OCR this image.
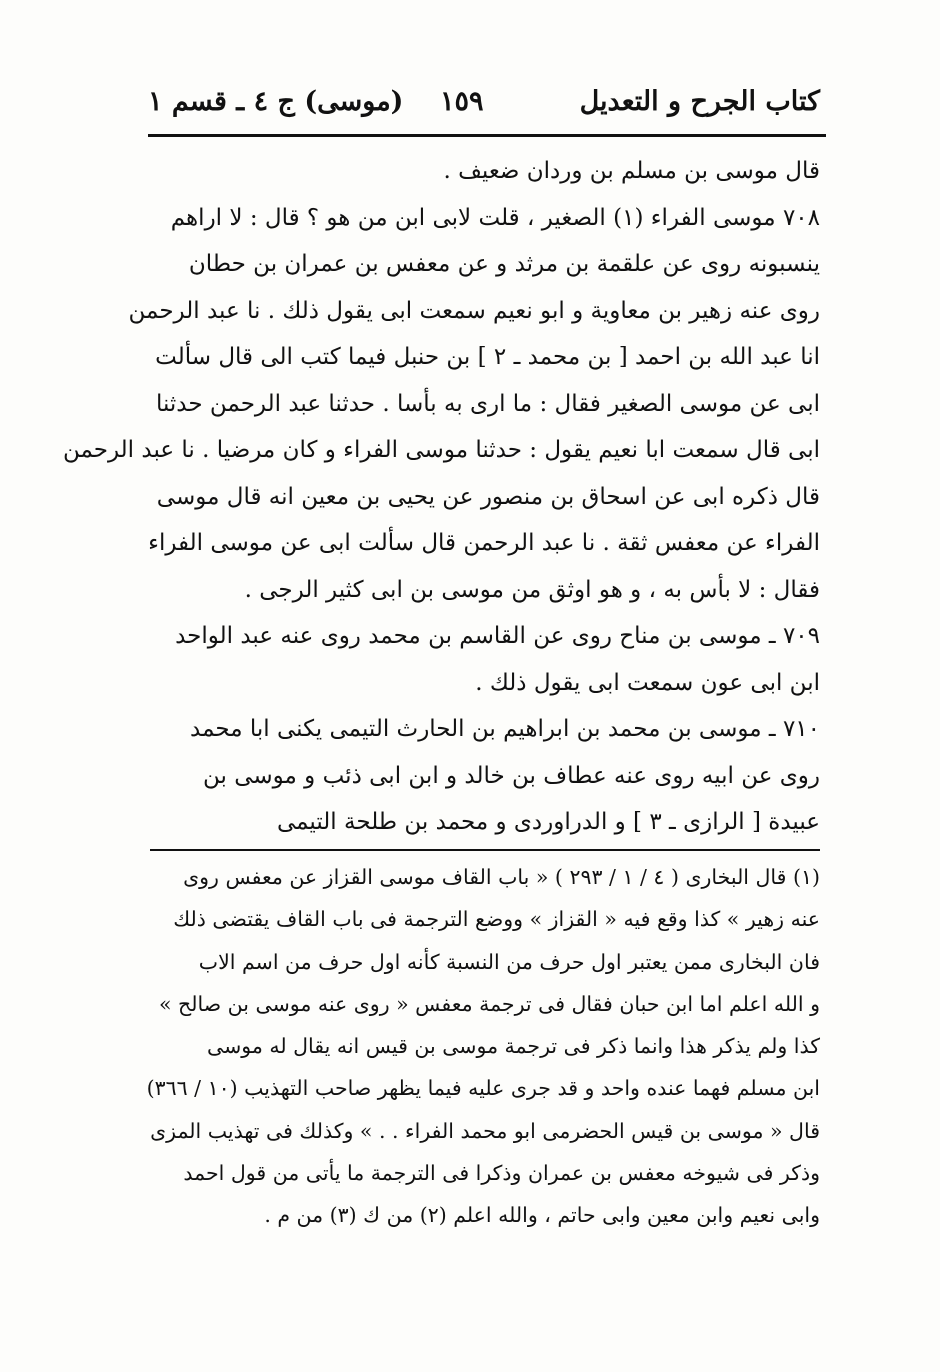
كتاب الجرح و التعديل
١٥٩
(موسى) ج ٤ ـ قسم ١
قال موسى بن مسلم بن وردان ضعيف .
٧٠٨ موسى الفراء (١) الصغير ، قلت لابى ابن من هو ؟ قال : لا اراهم
ينسبونه روى عن علقمة بن مرثد و عن معفس بن عمران بن حطان
روى عنه زهير بن معاوية و ابو نعيم سمعت ابى يقول ذلك . نا عبد الرحمن
انا عبد الله بن احمد [ بن محمد ـ ٢ ] بن حنبل فيما كتب الى قال سألت
ابى عن موسى الصغير فقال : ما ارى به بأسا . حدثنا عبد الرحمن حدثنا
ابى قال سمعت ابا نعيم يقول : حدثنا موسى الفراء و كان مرضيا . نا عبد الرحمن
قال ذكره ابى عن اسحاق بن منصور عن يحيى بن معين انه قال موسى
الفراء عن معفس ثقة . نا عبد الرحمن قال سألت ابى عن موسى الفراء
فقال : لا بأس به ، و هو اوثق من موسى بن ابى كثير الرجى .
٧٠٩ ـ موسى بن مناح روى عن القاسم بن محمد روى عنه عبد الواحد
ابن ابى عون سمعت ابى يقول ذلك .
٧١٠ ـ موسى بن محمد بن ابراهيم بن الحارث التيمى يكنى ابا محمد
روى عن ابيه روى عنه عطاف بن خالد و ابن ابى ذئب و موسى بن
عبيدة [ الرازى ـ ٣ ] و الدراوردى و محمد بن طلحة التيمى
(١) قال البخارى ( ٤ / ١ / ٢٩٣ ) « باب القاف موسى القزاز عن معفس روى
عنه زهير » كذا وقع فيه « القزاز » ووضع الترجمة فى باب القاف يقتضى ذلك
فان البخارى ممن يعتبر اول حرف من النسبة كأنه اول حرف من اسم الاب
و الله اعلم اما ابن حبان فقال فى ترجمة معفس « روى عنه موسى بن صالح »
كذا ولم يذكر هذا وانما ذكر فى ترجمة موسى بن قيس انه يقال له موسى
ابن مسلم فهما عنده واحد و قد جرى عليه فيما يظهر صاحب التهذيب (١٠ / ٣٦٦)
قال « موسى بن قيس الحضرمى ابو محمد الفراء . . » وكذلك فى تهذيب المزى
وذكر فى شيوخه معفس بن عمران وذكرا فى الترجمة ما يأتى من قول احمد
وابى نعيم وابن معين وابى حاتم ، والله اعلم (٢) من ك (٣) من م .
